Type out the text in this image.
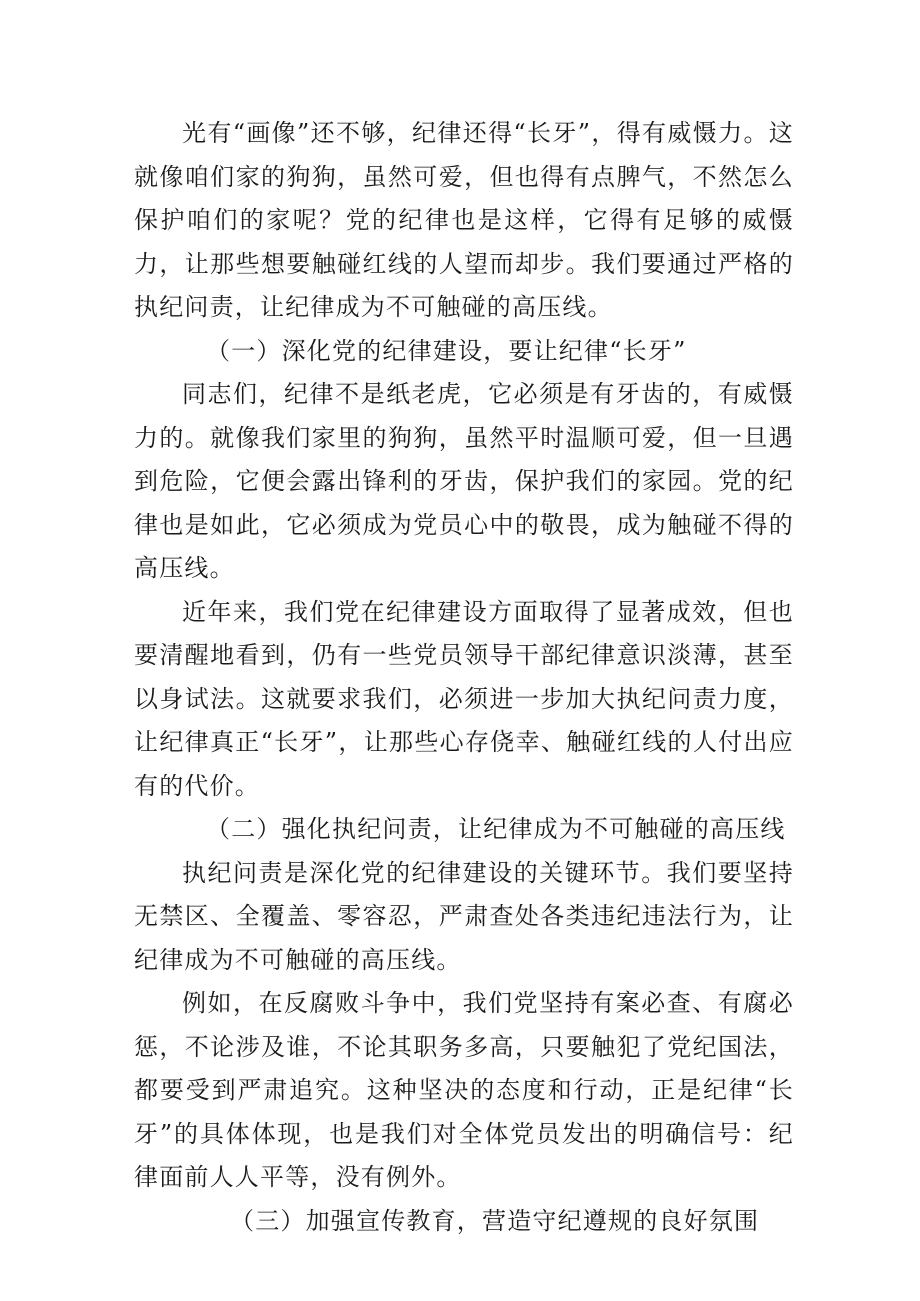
光有“画像”还不够，纪律还得“长牙”，得有威慑力。这就像咱们家的狗狗，虽然可爱，但也得有点脾气，不然怎么保护咱们的家呢？党的纪律也是这样，它得有足够的威慑力，让那些想要触碰红线的人望而却步。我们要通过严格的执纪问责，让纪律成为不可触碰的高压线。

（一）深化党的纪律建设，要让纪律“长牙”

同志们，纪律不是纸老虎，它必须是有牙齿的，有威慑力的。就像我们家里的狗狗，虽然平时温顺可爱，但一旦遇到危险，它便会露出锋利的牙齿，保护我们的家园。党的纪律也是如此，它必须成为党员心中的敬畏，成为触碰不得的高压线。

近年来，我们党在纪律建设方面取得了显著成效，但也要清醒地看到，仍有一些党员领导干部纪律意识淡薄，甚至以身试法。这就要求我们，必须进一步加大执纪问责力度，让纪律真正“长牙”，让那些心存侥幸、触碰红线的人付出应有的代价。

（二）强化执纪问责，让纪律成为不可触碰的高压线

执纪问责是深化党的纪律建设的关键环节。我们要坚持无禁区、全覆盖、零容忍，严肃查处各类违纪违法行为，让纪律成为不可触碰的高压线。

例如，在反腐败斗争中，我们党坚持有案必查、有腐必惩，不论涉及谁，不论其职务多高，只要触犯了党纪国法，都要受到严肃追究。这种坚决的态度和行动，正是纪律“长牙”的具体体现，也是我们对全体党员发出的明确信号：纪律面前人人平等，没有例外。

（三）加强宣传教育，营造守纪遵规的良好氛围
